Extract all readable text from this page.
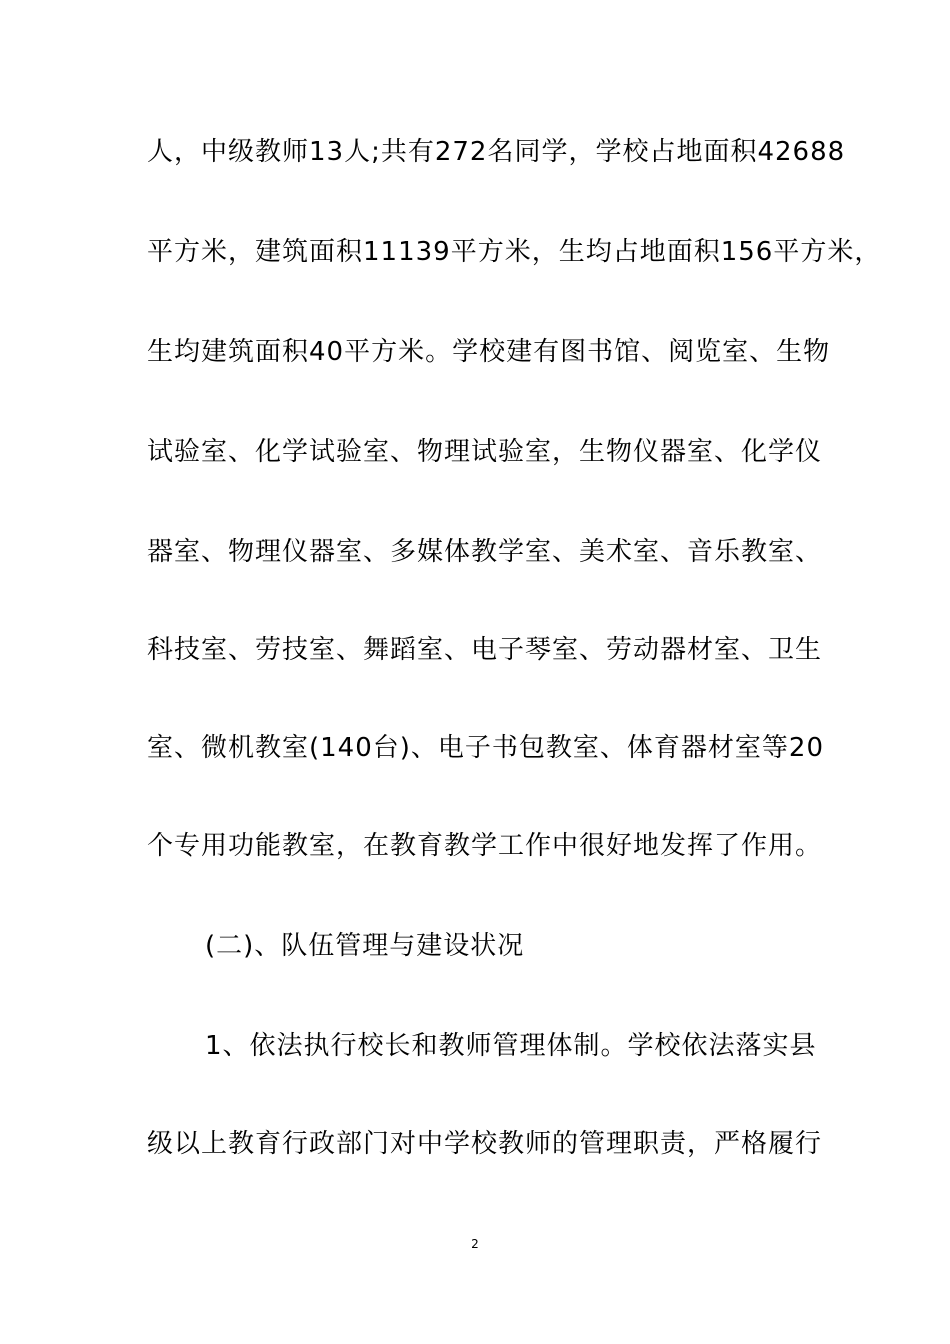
人，中级教师13人;共有272名同学，学校占地面积42688
平方米，建筑面积11139平方米，生均占地面积156平方米，
生均建筑面积40平方米。学校建有图书馆、阅览室、生物
试验室、化学试验室、物理试验室，生物仪器室、化学仪
器室、物理仪器室、多媒体教学室、美术室、音乐教室、
科技室、劳技室、舞蹈室、电子琴室、劳动器材室、卫生
室、微机教室(140台)、电子书包教室、体育器材室等20
个专用功能教室，在教育教学工作中很好地发挥了作用。
(二)、队伍管理与建设状况
1、依法执行校长和教师管理体制。学校依法落实县
级以上教育行政部门对中学校教师的管理职责，严格履行
2
